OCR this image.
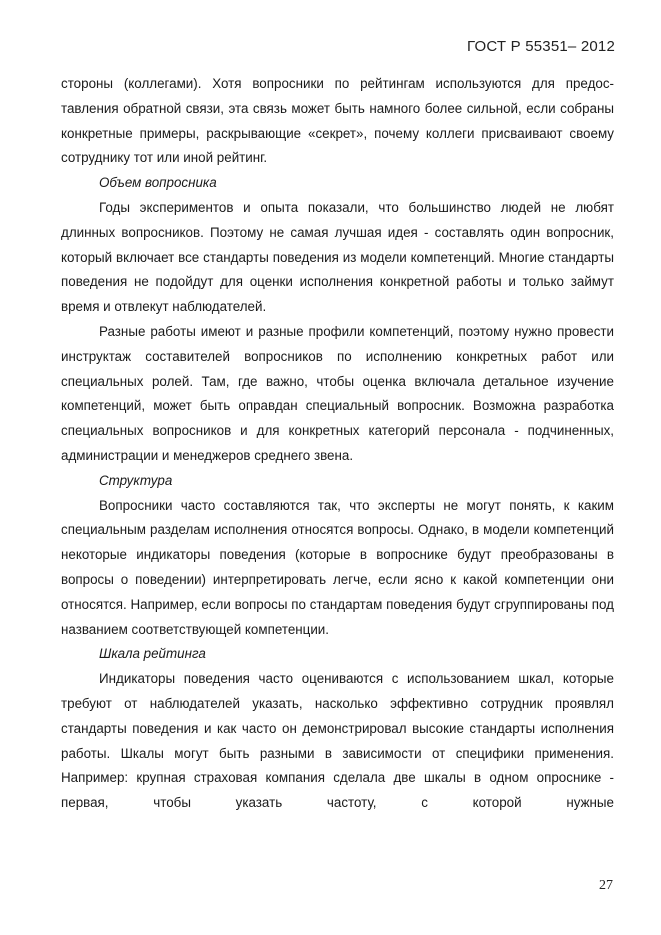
ГОСТ Р 55351– 2012

стороны (коллегами). Хотя вопросники по рейтингам используются для предос-тавления обратной связи, эта связь может быть намного более сильной, если собраны конкретные примеры, раскрывающие «секрет», почему коллеги присваивают своему сотруднику тот или иной рейтинг.

Объем вопросника

Годы экспериментов и опыта показали, что большинство людей не любят длинных вопросников. Поэтому не самая лучшая идея - составлять один вопросник, который включает все стандарты поведения из модели компетенций. Многие стандарты поведения не подойдут для оценки исполнения конкретной работы и только займут время и отвлекут наблюдателей.

Разные работы имеют и разные профили компетенций, поэтому нужно провести инструктаж составителей вопросников по исполнению конкретных работ или специальных ролей. Там, где важно, чтобы оценка включала детальное изучение компетенций, может быть оправдан специальный вопросник. Возможна разработка специальных вопросников и для конкретных категорий персонала - подчиненных, администрации и менеджеров среднего звена.

Структура

Вопросники часто составляются так, что эксперты не могут понять, к каким специальным разделам исполнения относятся вопросы. Однако, в модели компетенций некоторые индикаторы поведения (которые в вопроснике будут преобразованы в вопросы о поведении) интерпретировать легче, если ясно к какой компетенции они относятся. Например, если вопросы по стандартам поведения будут сгруппированы под названием соответствующей компетенции.

Шкала рейтинга

Индикаторы поведения часто оцениваются с использованием шкал, которые требуют от наблюдателей указать, насколько эффективно сотрудник проявлял стандарты поведения и как часто он демонстрировал высокие стандарты исполнения работы. Шкалы могут быть разными в зависимости от специфики применения. Например: крупная страховая компания сделала две шкалы в одном опроснике - первая, чтобы указать частоту, с которой нужные

27
